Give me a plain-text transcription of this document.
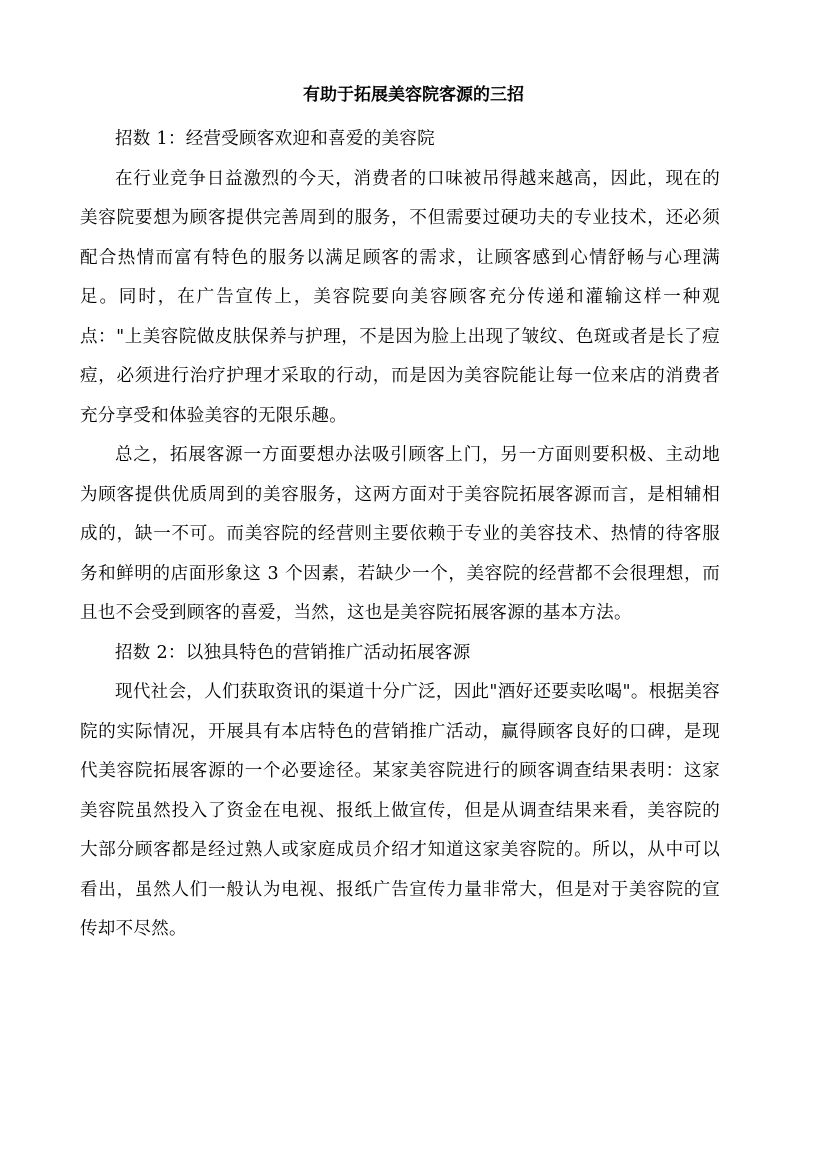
有助于拓展美容院客源的三招

招数 1：经营受顾客欢迎和喜爱的美容院

在行业竞争日益激烈的今天，消费者的口味被吊得越来越高，因此，现在的美容院要想为顾客提供完善周到的服务，不但需要过硬功夫的专业技术，还必须配合热情而富有特色的服务以满足顾客的需求，让顾客感到心情舒畅与心理满足。同时，在广告宣传上，美容院要向美容顾客充分传递和灌输这样一种观点："上美容院做皮肤保养与护理，不是因为脸上出现了皱纹、色斑或者是长了痘痘，必须进行治疗护理才采取的行动，而是因为美容院能让每一位来店的消费者充分享受和体验美容的无限乐趣。

总之，拓展客源一方面要想办法吸引顾客上门，另一方面则要积极、主动地为顾客提供优质周到的美容服务，这两方面对于美容院拓展客源而言，是相辅相成的，缺一不可。而美容院的经营则主要依赖于专业的美容技术、热情的待客服务和鲜明的店面形象这 3 个因素，若缺少一个，美容院的经营都不会很理想，而且也不会受到顾客的喜爱，当然，这也是美容院拓展客源的基本方法。

招数 2：以独具特色的营销推广活动拓展客源

现代社会，人们获取资讯的渠道十分广泛，因此"酒好还要卖吆喝"。根据美容院的实际情况，开展具有本店特色的营销推广活动，赢得顾客良好的口碑，是现代美容院拓展客源的一个必要途径。某家美容院进行的顾客调查结果表明：这家美容院虽然投入了资金在电视、报纸上做宣传，但是从调查结果来看，美容院的大部分顾客都是经过熟人或家庭成员介绍才知道这家美容院的。所以，从中可以看出，虽然人们一般认为电视、报纸广告宣传力量非常大，但是对于美容院的宣传却不尽然。
